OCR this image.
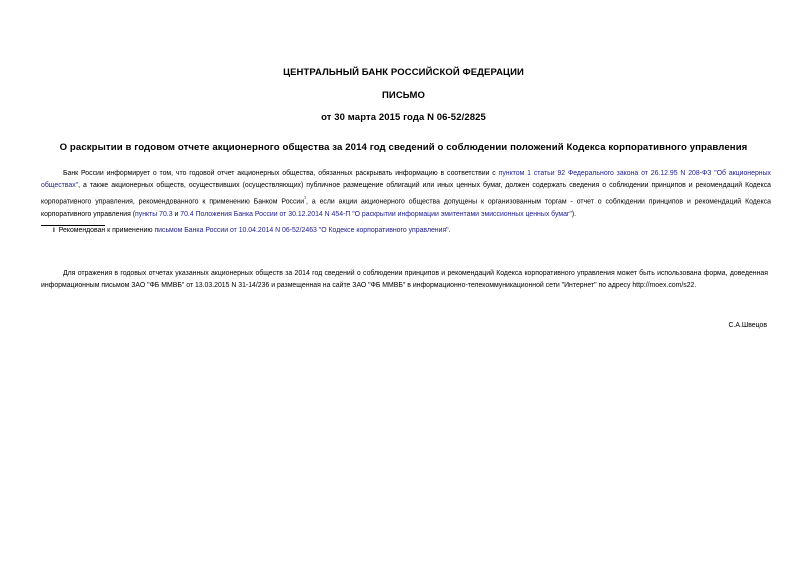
ЦЕНТРАЛЬНЫЙ БАНК РОССИЙСКОЙ ФЕДЕРАЦИИ
ПИСЬМО
от 30 марта 2015 года N 06-52/2825
О раскрытии в годовом отчете акционерного общества за 2014 год сведений о соблюдении положений Кодекса корпоративного управления
Банк России информирует о том, что годовой отчет акционерных общества, обязанных раскрывать информацию в соответствии с пунктом 1 статьи 92 Федерального закона от 26.12.95 N 208-ФЗ "Об акционерных обществах", а также акционерных обществ, осуществивших (осуществляющих) публичное размещение облигаций или иных ценных бумаг, должен содержать сведения о соблюдении принципов и рекомендаций Кодекса корпоративного управления, рекомендованного к применению Банком России$^{^1}$, а если акции акционерного общества допущены к организованным торгам - отчет о соблюдении принципов и рекомендаций Кодекса корпоративного управления (пункты 70.3 и 70.4 Положения Банка России от 30.12.2014 N 454-П "О раскрытии информации эмитентами эмиссионных ценных бумаг").
I Рекомендован к применению письмом Банка России от 10.04.2014 N 06-52/2463 "О Кодексе корпоративного управления".
Для отражения в годовых отчетах указанных акционерных обществ за 2014 год сведений о соблюдении принципов и рекомендаций Кодекса корпоративного управления может быть использована форма, доведенная информационным письмом ЗАО "ФБ ММВБ" от 13.03.2015 N 31-14/236 и размещенная на сайте ЗАО "ФБ ММВБ" в информационно-телекоммуникационной сети "Интернет" по адресу http://moex.com/s22.
С.А.Швецов
